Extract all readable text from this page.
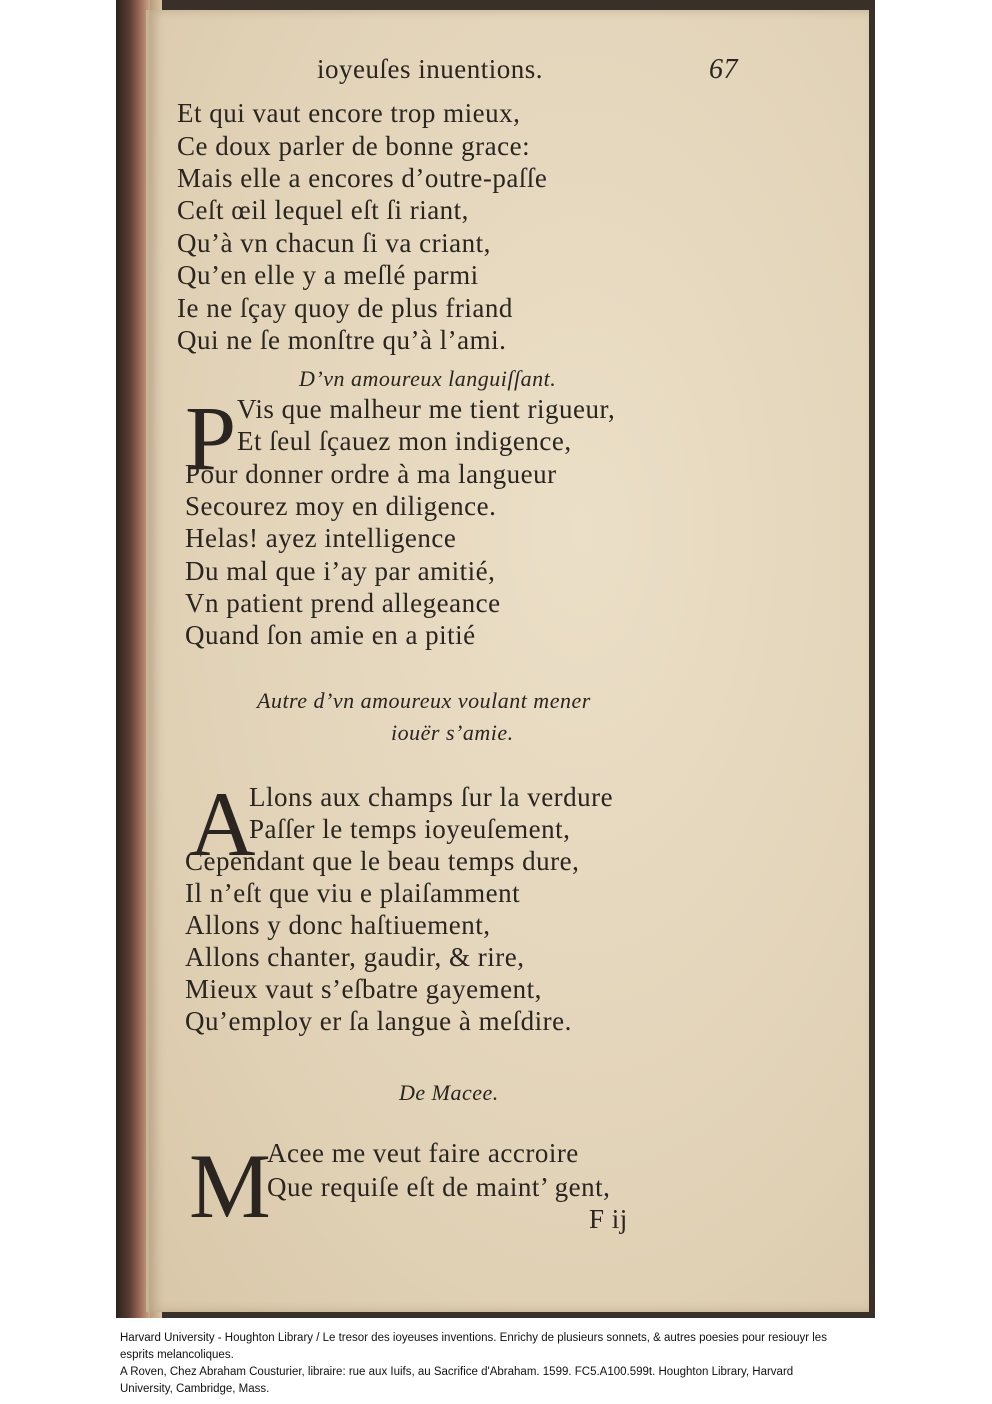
ioyeuſes inuentions.	67
Et qui vaut encore trop mieux,
Ce doux parler de bonne grace:
Mais elle a encores d’outre-paſſe
Ceſt œil lequel eſt ſi riant,
Qu’à vn chacun ſi va criant,
Qu’en elle y a meſlé parmi
Ie ne ſçay quoy de plus friand
Qui ne ſe monſtre qu’à l’ami.
D’vn amoureux languiſſant.
P Vis que malheur me tient rigueur,
Et ſeul ſçauez mon indigence,
Pour donner ordre à ma langueur
Secourez moy en diligence.
Helas! ayez intelligence
Du mal que i’ay par amitié,
Vn patient prend allegeance
Quand ſon amie en a pitié
Autre d’vn amoureux voulant mener
iouër s’amie.
A
Llons aux champs ſur la verdure
Paſſer le temps ioyeuſement,
Cependant que le beau temps dure,
Il n’eſt que viu e plaiſamment
Allons y donc haſtiuement,
Allons chanter, gaudir, & rire,
Mieux vaut s’eſbatre gayement,
Qu’employ er ſa langue à meſdire.
De Macee.
M
Acee me veut faire accroire
Que requiſe eſt de maint’ gent,
F ij
Harvard University - Houghton Library / Le tresor des ioyeuses inventions. Enrichy de plusieurs sonnets, & autres poesies pour resiouyr les
esprits melancoliques.
A Roven, Chez Abraham Cousturier, libraire: rue aux Iuifs, au Sacrifice d'Abraham. 1599. FC5.A100.599t. Houghton Library, Harvard
University, Cambridge, Mass.
